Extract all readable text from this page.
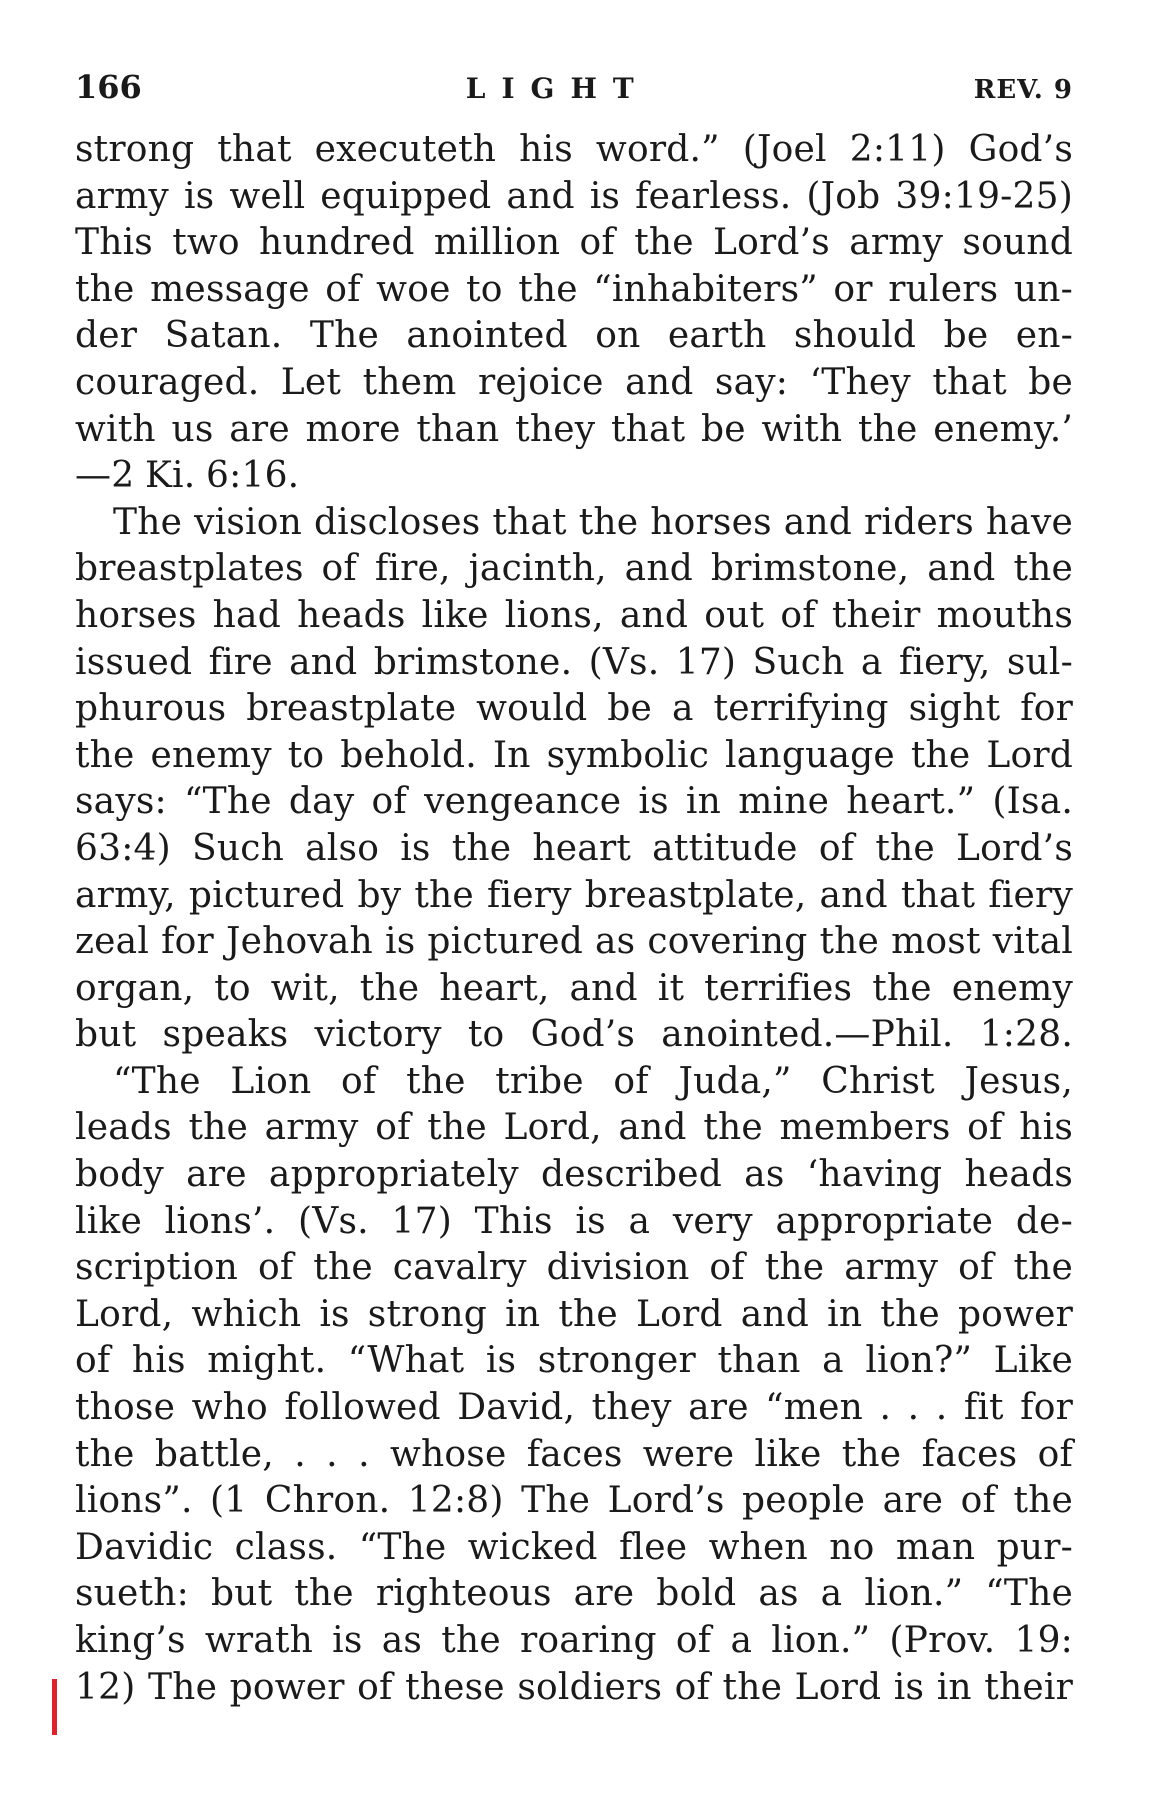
166	LIGHT	REV. 9
strong that executeth his word.” (Joel 2:11) God’s
army is well equipped and is fearless. (Job 39:19-25)
This two hundred million of the Lord’s army sound
the message of woe to the “inhabiters” or rulers un-
der Satan. The anointed on earth should be en-
couraged. Let them rejoice and say: ‘They that be
with us are more than they that be with the enemy.’
—2 Ki. 6:16.
The vision discloses that the horses and riders have
breastplates of fire, jacinth, and brimstone, and the
horses had heads like lions, and out of their mouths
issued fire and brimstone. (Vs. 17) Such a fiery, sul-
phurous breastplate would be a terrifying sight for
the enemy to behold. In symbolic language the Lord
says: “The day of vengeance is in mine heart.” (Isa.
63:4) Such also is the heart attitude of the Lord’s
army, pictured by the fiery breastplate, and that fiery
zeal for Jehovah is pictured as covering the most vital
organ, to wit, the heart, and it terrifies the enemy
but speaks victory to God’s anointed.—Phil. 1:28.
“The Lion of the tribe of Juda,” Christ Jesus,
leads the army of the Lord, and the members of his
body are appropriately described as ‘having heads
like lions’. (Vs. 17) This is a very appropriate de-
scription of the cavalry division of the army of the
Lord, which is strong in the Lord and in the power
of his might. “What is stronger than a lion?” Like
those who followed David, they are “men . . . fit for
the battle, . . . whose faces were like the faces of
lions”. (1 Chron. 12:8) The Lord’s people are of the
Davidic class. “The wicked flee when no man pur-
sueth: but the righteous are bold as a lion.” “The
king’s wrath is as the roaring of a lion.” (Prov. 19:
12) The power of these soldiers of the Lord is in their
